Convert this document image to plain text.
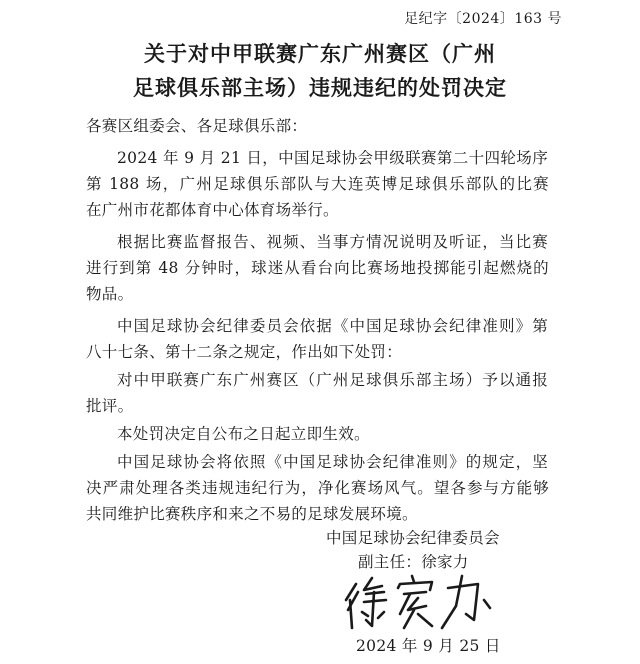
足纪字〔2024〕163 号
关于对中甲联赛广东广州赛区（广州
足球俱乐部主场）违规违纪的处罚决定
各赛区组委会、各足球俱乐部：
2024 年 9 月 21 日，中国足球协会甲级联赛第二十四轮场序
第 188 场，广州足球俱乐部队与大连英博足球俱乐部队的比赛
在广州市花都体育中心体育场举行。
根据比赛监督报告、视频、当事方情况说明及听证，当比赛
进行到第 48 分钟时，球迷从看台向比赛场地投掷能引起燃烧的
物品。
中国足球协会纪律委员会依据《中国足球协会纪律准则》第
八十七条、第十二条之规定，作出如下处罚：
对中甲联赛广东广州赛区（广州足球俱乐部主场）予以通报
批评。
本处罚决定自公布之日起立即生效。
中国足球协会将依照《中国足球协会纪律准则》的规定，坚
决严肃处理各类违规违纪行为，净化赛场风气。望各参与方能够
共同维护比赛秩序和来之不易的足球发展环境。
中国足球协会纪律委员会
副主任：徐家力
2024 年 9 月 25 日
